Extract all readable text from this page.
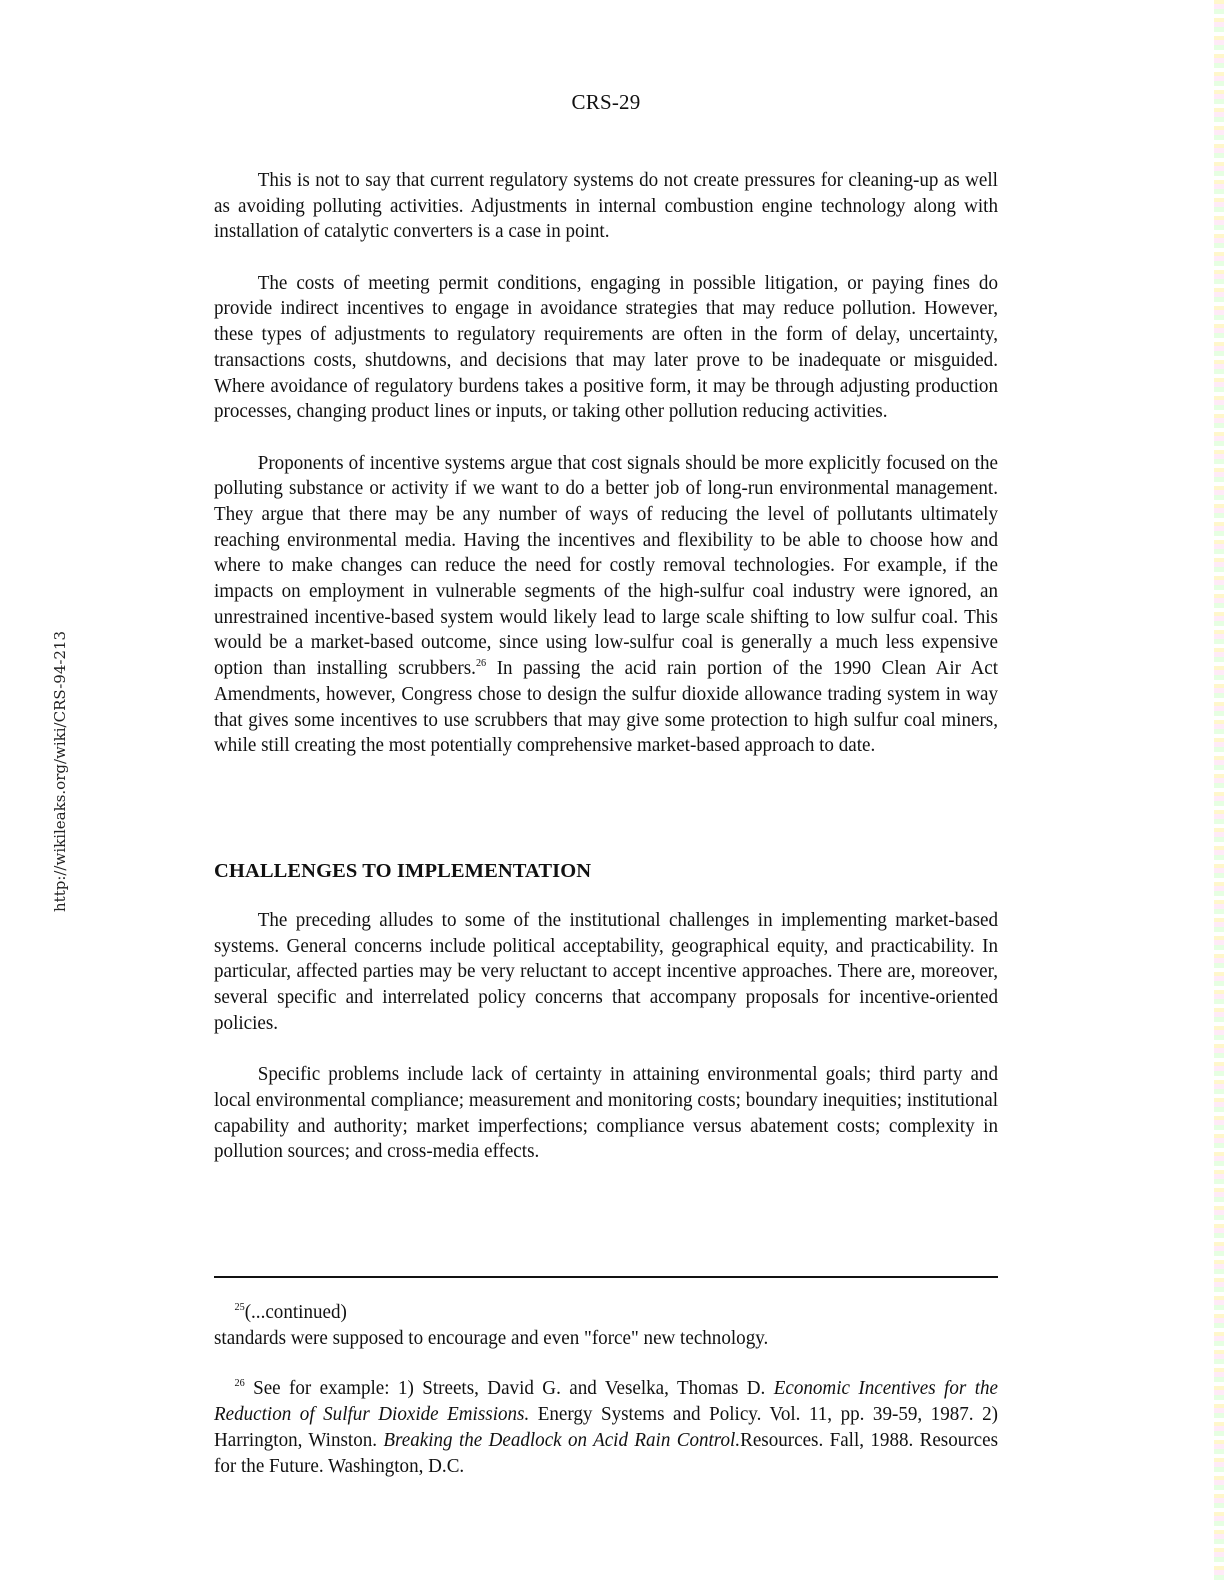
CRS-29
http://wikileaks.org/wiki/CRS-94-213

This is not to say that current regulatory systems do not create pressures for cleaning-up as well as avoiding polluting activities. Adjustments in internal combustion engine technology along with installation of catalytic converters is a case in point.

The costs of meeting permit conditions, engaging in possible litigation, or paying fines do provide indirect incentives to engage in avoidance strategies that may reduce pollution. However, these types of adjustments to regulatory requirements are often in the form of delay, uncertainty, transactions costs, shutdowns, and decisions that may later prove to be inadequate or misguided. Where avoidance of regulatory burdens takes a positive form, it may be through adjusting production processes, changing product lines or inputs, or taking other pollution reducing activities.

Proponents of incentive systems argue that cost signals should be more explicitly focused on the polluting substance or activity if we want to do a better job of long-run environmental management. They argue that there may be any number of ways of reducing the level of pollutants ultimately reaching environmental media. Having the incentives and flexibility to be able to choose how and where to make changes can reduce the need for costly removal technologies. For example, if the impacts on employment in vulnerable segments of the high-sulfur coal industry were ignored, an unrestrained incentive-based system would likely lead to large scale shifting to low sulfur coal. This would be a market-based outcome, since using low-sulfur coal is generally a much less expensive option than installing scrubbers.$^{26}$ In passing the acid rain portion of the 1990 Clean Air Act Amendments, however, Congress chose to design the sulfur dioxide allowance trading system in way that gives some incentives to use scrubbers that may give some protection to high sulfur coal miners, while still creating the most potentially comprehensive market-based approach to date.

CHALLENGES TO IMPLEMENTATION

The preceding alludes to some of the institutional challenges in implementing market-based systems. General concerns include political acceptability, geographical equity, and practicability. In particular, affected parties may be very reluctant to accept incentive approaches. There are, moreover, several specific and interrelated policy concerns that accompany proposals for incentive-oriented policies.

Specific problems include lack of certainty in attaining environmental goals; third party and local environmental compliance; measurement and monitoring costs; boundary inequities; institutional capability and authority; market imperfections; compliance versus abatement costs; complexity in pollution sources; and cross-media effects.

$^{25}$(...continued)
standards were supposed to encourage and even "force" new technology.

$^{26}$ See for example: 1) Streets, David G. and Veselka, Thomas D. Economic Incentives for the Reduction of Sulfur Dioxide Emissions. Energy Systems and Policy. Vol. 11, pp. 39-59, 1987. 2) Harrington, Winston. Breaking the Deadlock on Acid Rain Control.Resources. Fall, 1988. Resources for the Future. Washington, D.C.
